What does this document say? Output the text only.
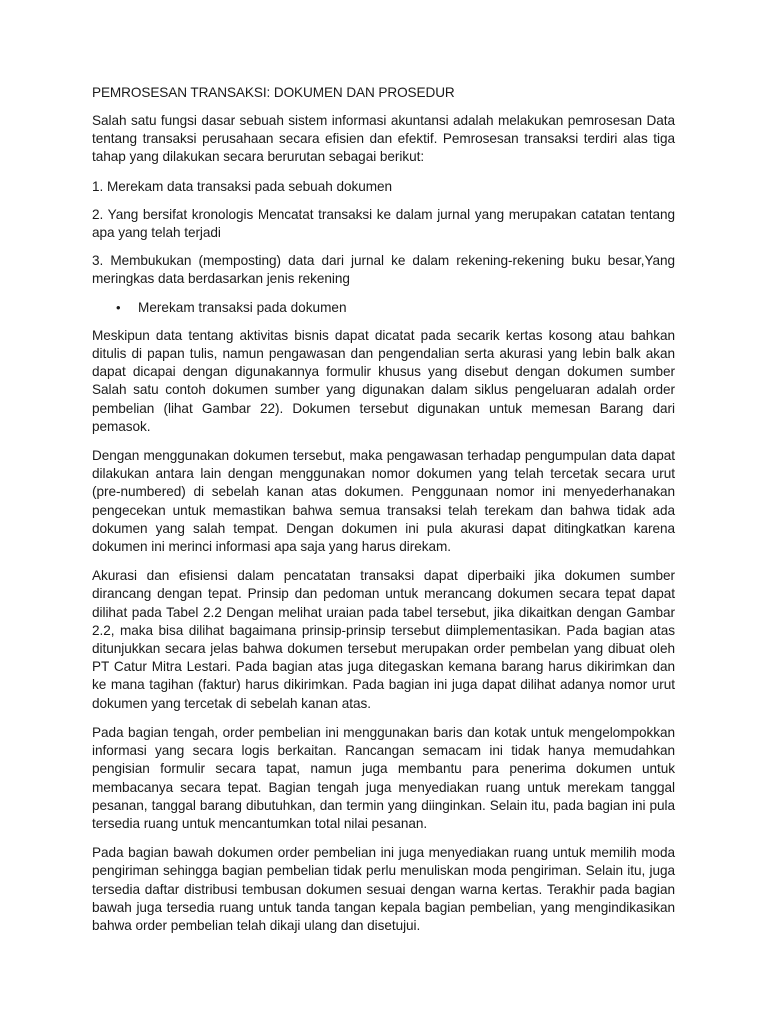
PEMROSESAN TRANSAKSI: DOKUMEN DAN PROSEDUR

Salah satu fungsi dasar sebuah sistem informasi akuntansi adalah melakukan pemrosesan Data tentang transaksi perusahaan secara efisien dan efektif. Pemrosesan transaksi terdiri alas tiga tahap yang dilakukan secara berurutan sebagai berikut:

1. Merekam data transaksi pada sebuah dokumen

2. Yang bersifat kronologis Mencatat transaksi ke dalam jurnal yang merupakan catatan tentang apa yang telah terjadi

3. Membukukan (memposting) data dari jurnal ke dalam rekening-rekening buku besar,Yang meringkas data berdasarkan jenis rekening

•	Merekam transaksi pada dokumen

Meskipun data tentang aktivitas bisnis dapat dicatat pada secarik kertas kosong atau bahkan ditulis di papan tulis, namun pengawasan dan pengendalian serta akurasi yang lebin balk akan dapat dicapai dengan digunakannya formulir khusus yang disebut dengan dokumen sumber Salah satu contoh dokumen sumber yang digunakan dalam siklus pengeluaran adalah order pembelian (lihat Gambar 22). Dokumen tersebut digunakan untuk memesan Barang dari pemasok.

Dengan menggunakan dokumen tersebut, maka pengawasan terhadap pengumpulan data dapat dilakukan antara lain dengan menggunakan nomor dokumen yang telah tercetak secara urut (pre-numbered) di sebelah kanan atas dokumen. Penggunaan nomor ini menyederhanakan pengecekan untuk memastikan bahwa semua transaksi telah terekam dan bahwa tidak ada dokumen yang salah tempat. Dengan dokumen ini pula akurasi dapat ditingkatkan karena dokumen ini merinci informasi apa saja yang harus direkam.

Akurasi dan efisiensi dalam pencatatan transaksi dapat diperbaiki jika dokumen sumber dirancang dengan tepat. Prinsip dan pedoman untuk merancang dokumen secara tepat dapat dilihat pada Tabel 2.2 Dengan melihat uraian pada tabel tersebut, jika dikaitkan dengan Gambar 2.2, maka bisa dilihat bagaimana prinsip-prinsip tersebut diimplementasikan. Pada bagian atas ditunjukkan secara jelas bahwa dokumen tersebut merupakan order pembelan yang dibuat oleh PT Catur Mitra Lestari. Pada bagian atas juga ditegaskan kemana barang harus dikirimkan dan ke mana tagihan (faktur) harus dikirimkan. Pada bagian ini juga dapat dilihat adanya nomor urut dokumen yang tercetak di sebelah kanan atas.

Pada bagian tengah, order pembelian ini menggunakan baris dan kotak untuk mengelompokkan informasi yang secara logis berkaitan. Rancangan semacam ini tidak hanya memudahkan pengisian formulir secara tapat, namun juga membantu para penerima dokumen untuk membacanya secara tepat. Bagian tengah juga menyediakan ruang untuk merekam tanggal pesanan, tanggal barang dibutuhkan, dan termin yang diinginkan. Selain itu, pada bagian ini pula tersedia ruang untuk mencantumkan total nilai pesanan.

Pada bagian bawah dokumen order pembelian ini juga menyediakan ruang untuk memilih moda pengiriman sehingga bagian pembelian tidak perlu menuliskan moda pengiriman. Selain itu, juga tersedia daftar distribusi tembusan dokumen sesuai dengan warna kertas. Terakhir pada bagian bawah juga tersedia ruang untuk tanda tangan kepala bagian pembelian, yang mengindikasikan bahwa order pembelian telah dikaji ulang dan disetujui.
